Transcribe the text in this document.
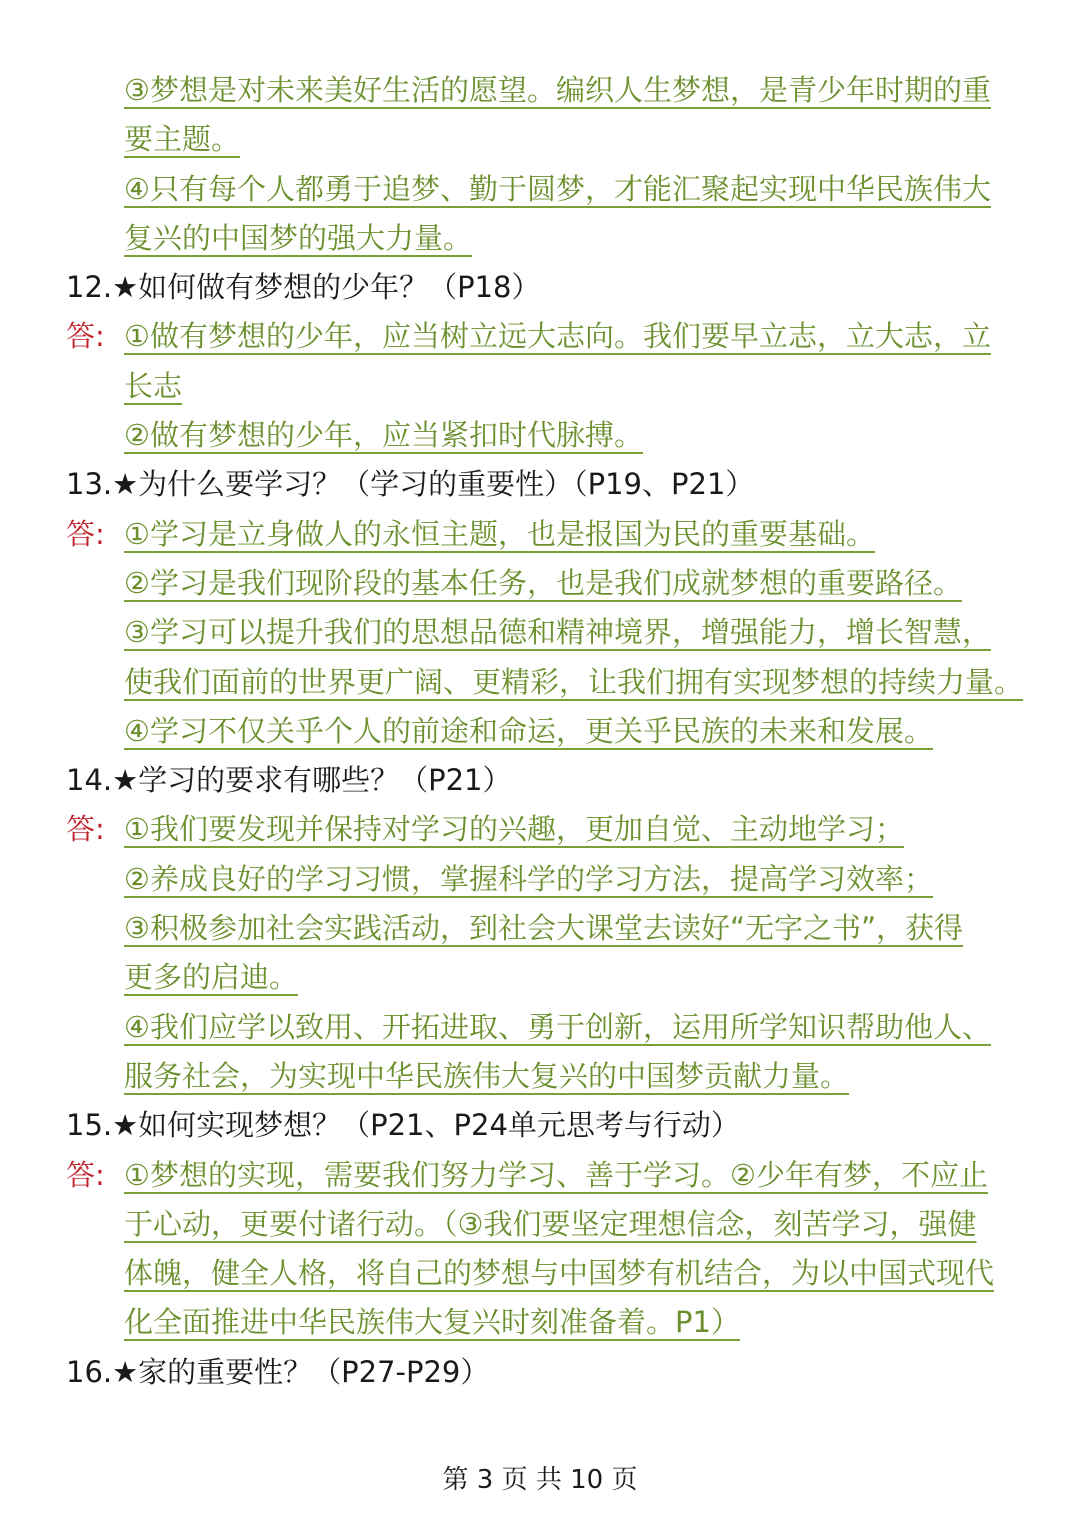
③梦想是对未来美好生活的愿望。编织人生梦想，是青少年时期的重
要主题。
④只有每个人都勇于追梦、勤于圆梦，才能汇聚起实现中华民族伟大
复兴的中国梦的强大力量。
12.★如何做有梦想的少年？（P18）
答: ①做有梦想的少年，应当树立远大志向。我们要早立志，立大志，立
长志
②做有梦想的少年，应当紧扣时代脉搏。
13.★为什么要学习？（学习的重要性）（P19、P21）
答: ①学习是立身做人的永恒主题，也是报国为民的重要基础。
②学习是我们现阶段的基本任务，也是我们成就梦想的重要路径。
③学习可以提升我们的思想品德和精神境界，增强能力，增长智慧，
使我们面前的世界更广阔、更精彩，让我们拥有实现梦想的持续力量。
④学习不仅关乎个人的前途和命运，更关乎民族的未来和发展。
14.★学习的要求有哪些？（P21）
答: ①我们要发现并保持对学习的兴趣，更加自觉、主动地学习；
②养成良好的学习习惯，掌握科学的学习方法，提高学习效率；
③积极参加社会实践活动，到社会大课堂去读好“无字之书”，获得
更多的启迪。
④我们应学以致用、开拓进取、勇于创新，运用所学知识帮助他人、
服务社会，为实现中华民族伟大复兴的中国梦贡献力量。
15.★如何实现梦想？（P21、P24单元思考与行动）
答: ①梦想的实现，需要我们努力学习、善于学习。②少年有梦，不应止
于心动，更要付诸行动。（③我们要坚定理想信念，刻苦学习，强健
体魄，健全人格，将自己的梦想与中国梦有机结合，为以中国式现代
化全面推进中华民族伟大复兴时刻准备着。P1）
16.★家的重要性？（P27-P29）
第 3 页 共 10 页
